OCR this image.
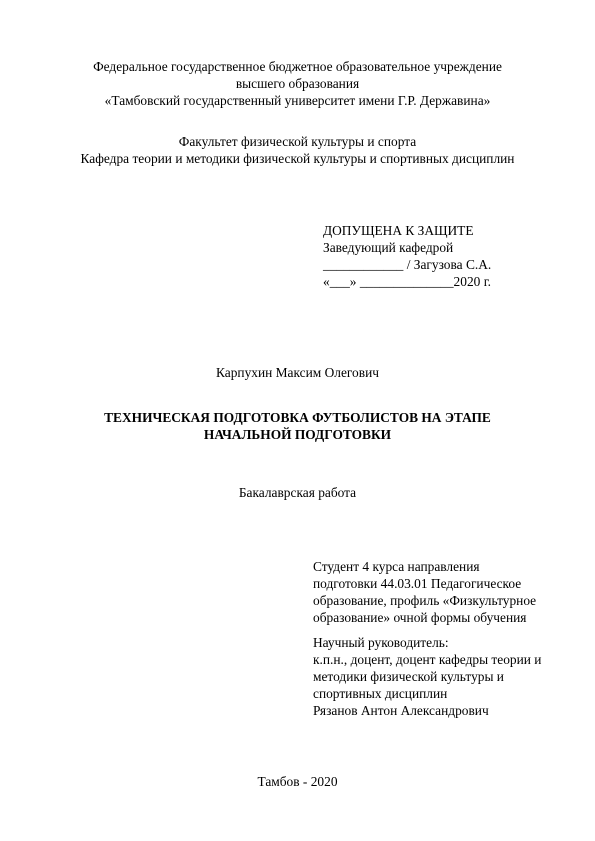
Федеральное государственное бюджетное образовательное учреждение
высшего образования
«Тамбовский государственный университет имени Г.Р. Державина»
Факультет физической культуры и спорта
Кафедра теории и методики физической культуры и спортивных дисциплин
ДОПУЩЕНА К ЗАЩИТЕ
Заведующий кафедрой
____________ / Загузова С.А.
«___» ______________2020 г.
Карпухин Максим Олегович
ТЕХНИЧЕСКАЯ ПОДГОТОВКА ФУТБОЛИСТОВ НА ЭТАПЕ
НАЧАЛЬНОЙ ПОДГОТОВКИ
Бакалаврская работа
Студент 4 курса направления
подготовки 44.03.01 Педагогическое
образование, профиль «Физкультурное
образование» очной формы обучения
Научный руководитель:
к.п.н., доцент, доцент кафедры теории и
методики физической культуры и
спортивных дисциплин
Рязанов Антон Александрович
Тамбов - 2020
